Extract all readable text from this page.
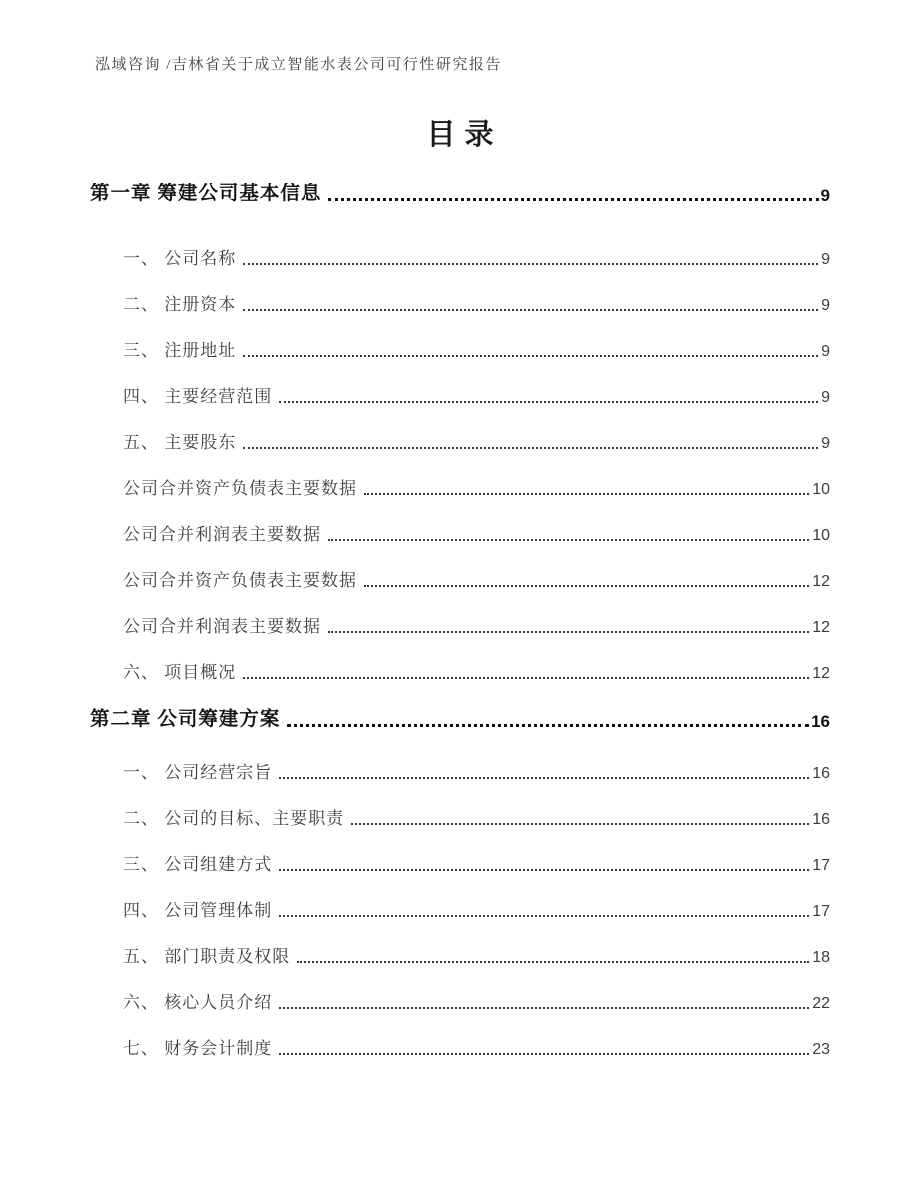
泓域咨询 /吉林省关于成立智能水表公司可行性研究报告
目录
第一章 筹建公司基本信息	9
一、 公司名称	9
二、 注册资本	9
三、 注册地址	9
四、 主要经营范围	9
五、 主要股东	9
公司合并资产负债表主要数据	10
公司合并利润表主要数据	10
公司合并资产负债表主要数据	12
公司合并利润表主要数据	12
六、 项目概况	12
第二章 公司筹建方案	16
一、 公司经营宗旨	16
二、 公司的目标、主要职责	16
三、 公司组建方式	17
四、 公司管理体制	17
五、 部门职责及权限	18
六、 核心人员介绍	22
七、 财务会计制度	23
